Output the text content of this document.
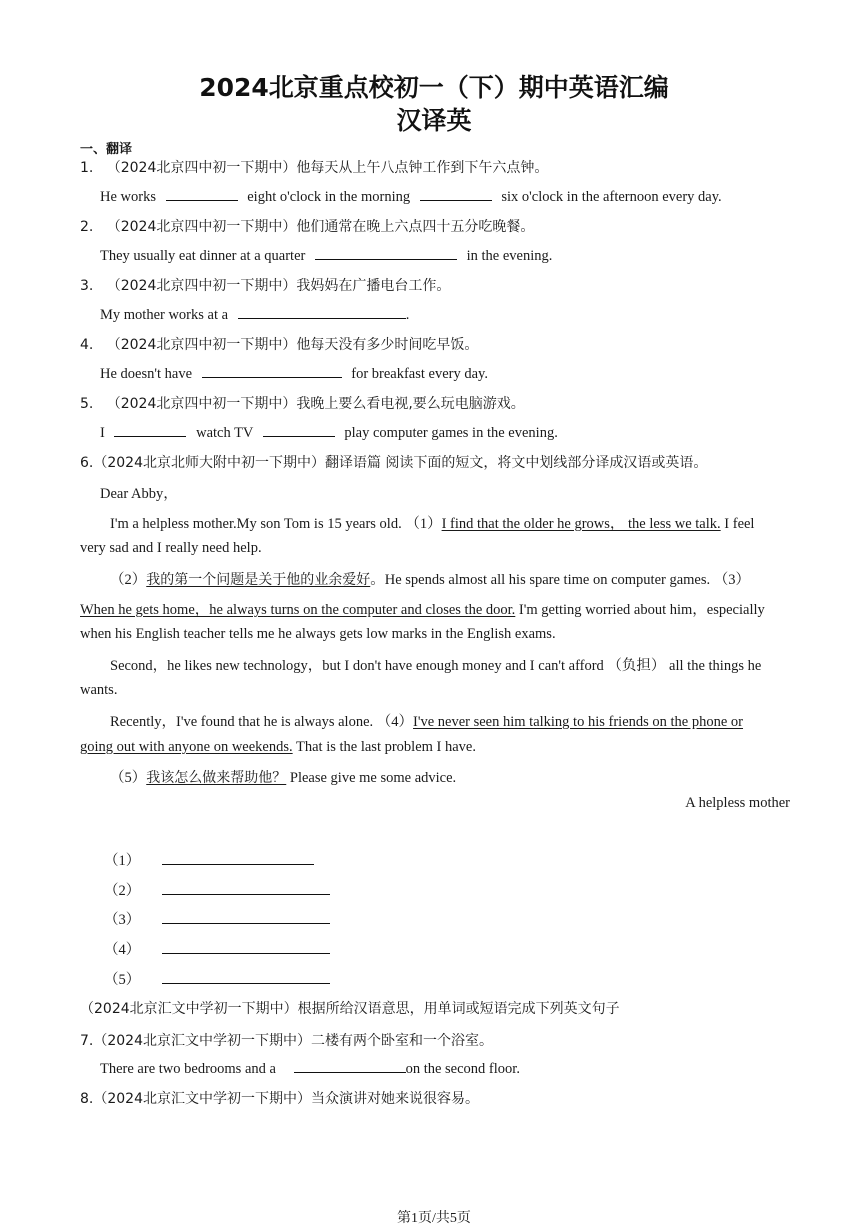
2024北京重点校初一（下）期中英语汇编
汉译英
一、翻译
1. （2024北京四中初一下期中）他每天从上午八点钟工作到下午六点钟。
He works	eight o'clock in the morning	six o'clock in the afternoon every day.
2. （2024北京四中初一下期中）他们通常在晚上六点四十五分吃晚餐。
They usually eat dinner at a quarter	in the evening.
3. （2024北京四中初一下期中）我妈妈在广播电台工作。
My mother works at a	.
4. （2024北京四中初一下期中）他每天没有多少时间吃早饭。
He doesn't have	for breakfast every day.
5. （2024北京四中初一下期中）我晚上要么看电视,要么玩电脑游戏。
I	watch TV	play computer games in the evening.
6.（2024北京北师大附中初一下期中）翻译语篇 阅读下面的短文，将文中划线部分译成汉语或英语。
Dear Abby，
I'm a helpless mother.My son Tom is 15 years old. （1）I find that the older he grows， the less we talk. I feel
very sad and I really need help.
（2）我的第一个问题是关于他的业余爱好。He spends almost all his spare time on computer games. （3）
When he gets home，he always turns on the computer and closes the door. I'm getting worried about him，especially
when his English teacher tells me he always gets low marks in the English exams.
Second，he likes new technology，but I don't have enough money and I can't afford （负担） all the things he
wants.
Recently，I've found that he is always alone. （4）I've never seen him talking to his friends on the phone or
going out with anyone on weekends. That is the last problem I have.
（5）我该怎么做来帮助他？ Please give me some advice.
A helpless mother
（1）
（2）
（3）
（4）
（5）
（2024北京汇文中学初一下期中）根据所给汉语意思，用单词或短语完成下列英文句子
7.（2024北京汇文中学初一下期中）二楼有两个卧室和一个浴室。
There are two bedrooms and a	on the second floor.
8.（2024北京汇文中学初一下期中）当众演讲对她来说很容易。
第1页/共5页
